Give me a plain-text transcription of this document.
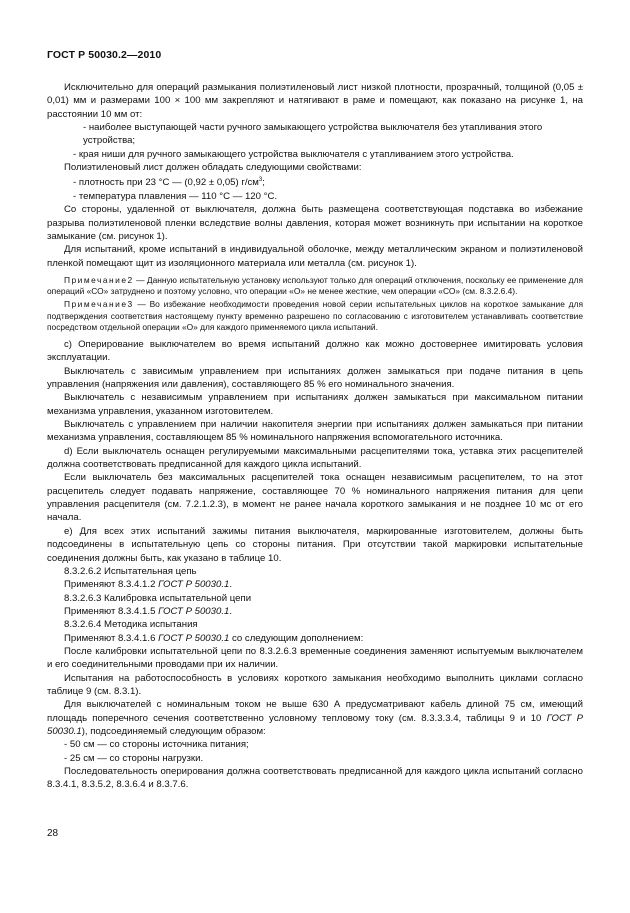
ГОСТ Р 50030.2—2010

Исключительно для операций размыкания полиэтиленовый лист низкой плотности, прозрачный, толщиной (0,05 ± 0,01) мм и размерами 100 × 100 мм закрепляют и натягивают в раме и помещают, как показано на рисунке 1, на расстоянии 10 мм от:

- наиболее выступающей части ручного замыкающего устройства выключателя без утапливания этого устройства;

- края ниши для ручного замыкающего устройства выключателя с утапливанием этого устройства.

Полиэтиленовый лист должен обладать следующими свойствами:

- плотность при 23 °С — (0,92 ± 0,05) $г/см^3$;

- температура плавления — 110 °С — 120 °С.

Со стороны, удаленной от выключателя, должна быть размещена соответствующая подставка во избежание разрыва полиэтиленовой пленки вследствие волны давления, которая может возникнуть при испытании на короткое замыкание (см. рисунок 1).

Для испытаний, кроме испытаний в индивидуальной оболочке, между металлическим экраном и полиэтиленовой пленкой помещают щит из изоляционного материала или металла (см. рисунок 1).

Примечание2 — Данную испытательную установку используют только для операций отключения, поскольку ее применение для операций «СО» затруднено и поэтому условно, что операции «О» не менее жесткие, чем операции «СО» (см. 8.3.2.6.4).

Примечание3 — Во избежание необходимости проведения новой серии испытательных циклов на короткое замыкание для подтверждения соответствия настоящему пункту временно разрешено по согласованию с изготовителем устанавливать соответствие посредством отдельной операции «О» для каждого применяемого цикла испытаний.

с) Оперирование выключателем во время испытаний должно как можно достовернее имитировать условия эксплуатации.

Выключатель с зависимым управлением при испытаниях должен замыкаться при подаче питания в цепь управления (напряжения или давления), составляющего 85 % его номинального значения.

Выключатель с независимым управлением при испытаниях должен замыкаться при максимальном питании механизма управления, указанном изготовителем.

Выключатель с управлением при наличии накопителя энергии при испытаниях должен замыкаться при питании механизма управления, составляющем 85 % номинального напряжения вспомогательного источника.

d) Если выключатель оснащен регулируемыми максимальными расцепителями тока, уставка этих расцепителей должна соответствовать предписанной для каждого цикла испытаний.

Если выключатель без максимальных расцепителей тока оснащен независимым расцепителем, то на этот расцепитель следует подавать напряжение, составляющее 70 % номинального напряжения питания для цепи управления расцепителя (см. 7.2.1.2.3), в момент не ранее начала короткого замыкания и не позднее 10 мс от его начала.

е) Для всех этих испытаний зажимы питания выключателя, маркированные изготовителем, должны быть подсоединены в испытательную цепь со стороны питания. При отсутствии такой маркировки испытательные соединения должны быть, как указано в таблице 10.

8.3.2.6.2 Испытательная цепь

Применяют 8.3.4.1.2 ГОСТ Р 50030.1.

8.3.2.6.3 Калибровка испытательной цепи

Применяют 8.3.4.1.5 ГОСТ Р 50030.1.

8.3.2.6.4 Методика испытания

Применяют 8.3.4.1.6 ГОСТ Р 50030.1 со следующим дополнением:

После калибровки испытательной цепи по 8.3.2.6.3 временные соединения заменяют испытуемым выключателем и его соединительными проводами при их наличии.

Испытания на работоспособность в условиях короткого замыкания необходимо выполнить циклами согласно таблице 9 (см. 8.3.1).

Для выключателей с номинальным током не выше 630 А предусматривают кабель длиной 75 см, имеющий площадь поперечного сечения соответственно условному тепловому току (см. 8.3.3.3.4, таблицы 9 и 10 ГОСТ Р 50030.1), подсоединяемый следующим образом:

- 50 см — со стороны источника питания;

- 25 см — со стороны нагрузки.

Последовательность оперирования должна соответствовать предписанной для каждого цикла испытаний согласно 8.3.4.1, 8.3.5.2, 8.3.6.4 и 8.3.7.6.

28
